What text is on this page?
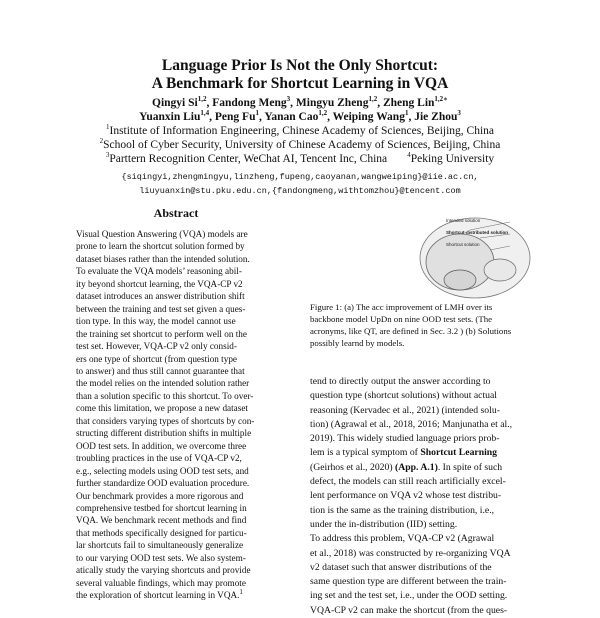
Language Prior Is Not the Only Shortcut:
A Benchmark for Shortcut Learning in VQA
Qingyi Si$^{1,2}$, Fandong Meng$^3$, Mingyu Zheng$^{1,2}$, Zheng Lin$^{1,2∗}$
Yuanxin Liu$^{1,4}$, Peng Fu$^1$, Yanan Cao$^{1,2}$, Weiping Wang$^1$, Jie Zhou$^3$
$^1$Institute of Information Engineering, Chinese Academy of Sciences, Beijing, China
$^2$School of Cyber Security, University of Chinese Academy of Sciences, Beijing, China
$^3$Parttern Recognition Center, WeChat AI, Tencent Inc, China	$^4$Peking University
{siqingyi,zhengmingyu,linzheng,fupeng,caoyanan,wangweiping}@iie.ac.cn,
liuyuanxin@stu.pku.edu.cn,{fandongmeng,withtomzhou}@tencent.com
Abstract
Visual Question Answering (VQA) models are
prone to learn the shortcut solution formed by
dataset biases rather than the intended solution.
To evaluate the VQA models’ reasoning abil-
ity beyond shortcut learning, the VQA-CP v2
dataset introduces an answer distribution shift
between the training and test set given a ques-
tion type. In this way, the model cannot use
the training set shortcut to perform well on the
test set. However, VQA-CP v2 only consid-
ers one type of shortcut (from question type
to answer) and thus still cannot guarantee that
the model relies on the intended solution rather
than a solution specific to this shortcut. To over-
come this limitation, we propose a new dataset
that considers varying types of shortcuts by con-
structing different distribution shifts in multiple
OOD test sets. In addition, we overcome three
troubling practices in the use of VQA-CP v2,
e.g., selecting models using OOD test sets, and
further standardize OOD evaluation procedure.
Our benchmark provides a more rigorous and
comprehensive testbed for shortcut learning in
VQA. We benchmark recent methods and find
that methods specifically designed for particu-
lar shortcuts fail to simultaneously generalize
to our varying OOD test sets. We also system-
atically study the varying shortcuts and provide
several valuable findings, which may promote
the exploration of shortcut learning in VQA.$^1$
Intended solution
Shortcut-distributed solution
Shortcut solution
Figure 1: (a) The acc improvement of LMH over its
backbone model UpDn on nine OOD test sets. (The
acronyms, like QT, are defined in Sec. 3.2 ) (b) Solutions
possibly learnd by models.
tend to directly output the answer according to
question type (shortcut solutions) without actual
reasoning (Kervadec et al., 2021) (intended solu-
tion) (Agrawal et al., 2018, 2016; Manjunatha et al.,
2019). This widely studied language priors prob-
lem is a typical symptom of Shortcut Learning
(Geirhos et al., 2020) (App. A.1). In spite of such
defect, the models can still reach artificially excel-
lent performance on VQA v2 whose test distribu-
tion is the same as the training distribution, i.e.,
under the in-distribution (IID) setting.
To address this problem, VQA-CP v2 (Agrawal
et al., 2018) was constructed by re-organizing VQA
v2 dataset such that answer distributions of the
same question type are different between the train-
ing set and the test set, i.e., under the OOD setting.
VQA-CP v2 can make the shortcut (from the ques-
